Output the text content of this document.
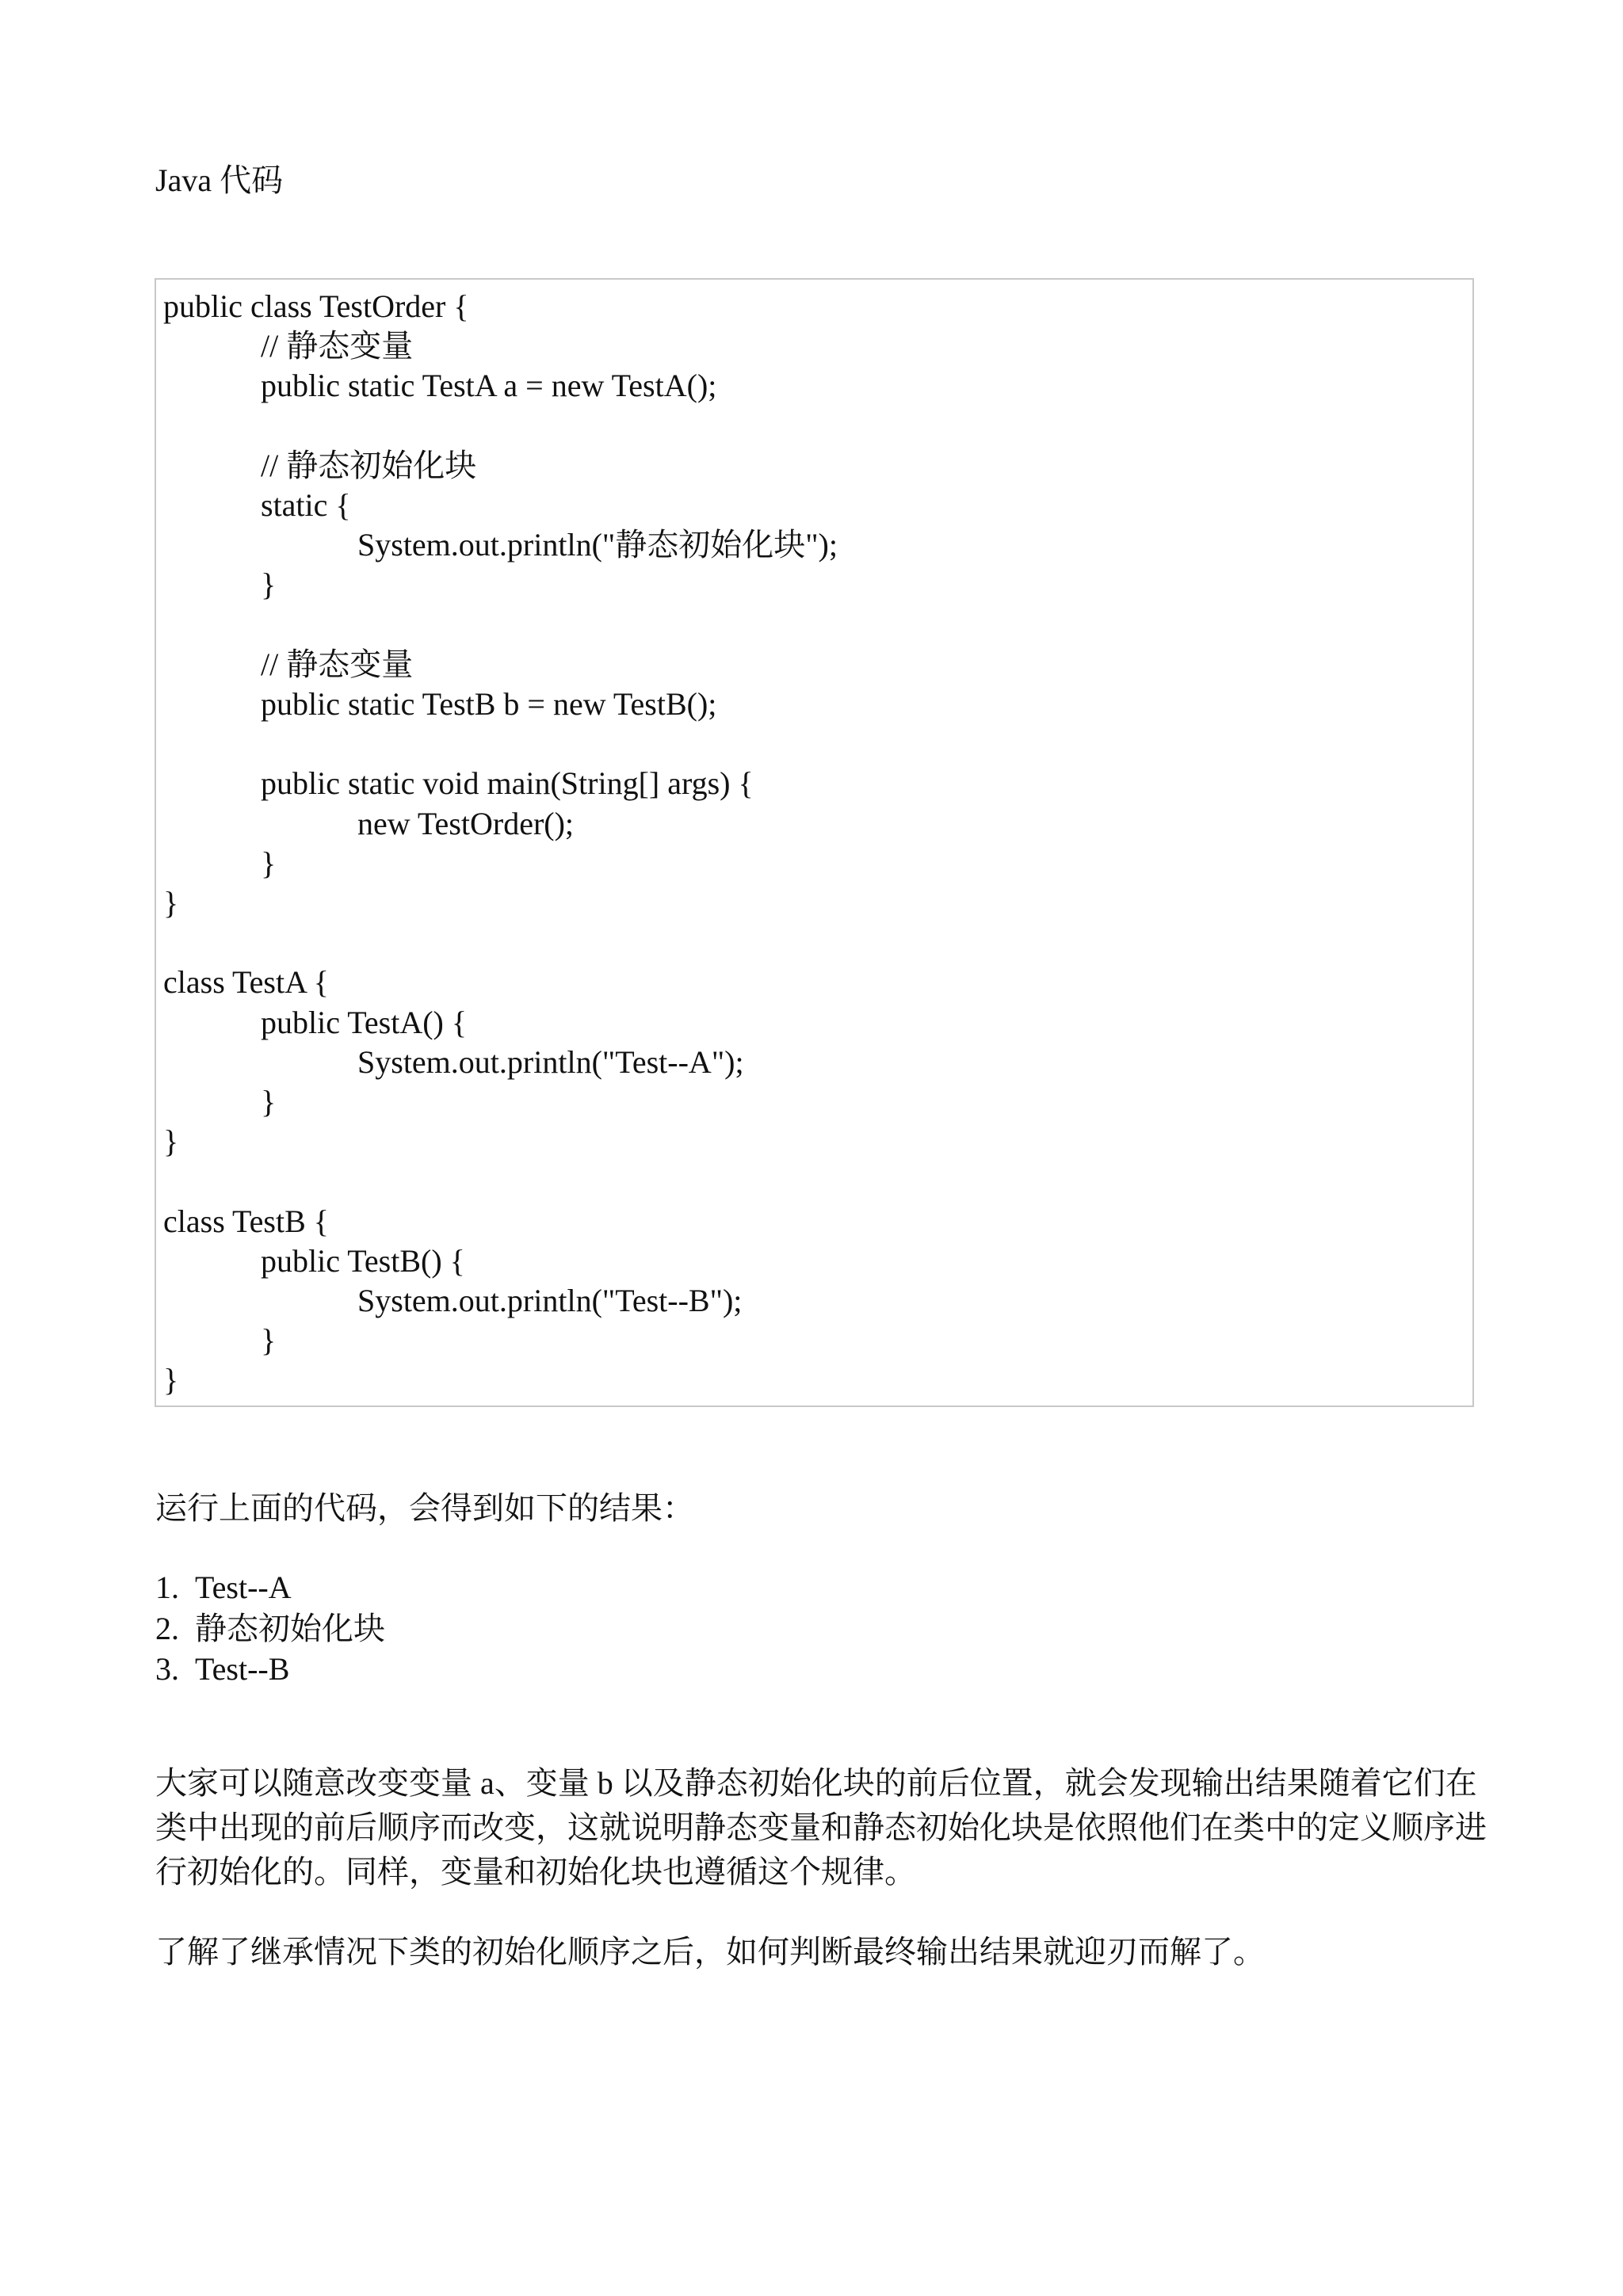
Java 代码
public class TestOrder {
// 静态变量
public static TestA a = new TestA();
// 静态初始化块
static {
System.out.println("静态初始化块");
}
// 静态变量
public static TestB b = new TestB();
public static void main(String[] args) {
new TestOrder();
}
}
class TestA {
public TestA() {
System.out.println("Test--A");
}
}
class TestB {
public TestB() {
System.out.println("Test--B");
}
}
运行上面的代码，会得到如下的结果：
1. Test--A
2. 静态初始化块
3. Test--B

大家可以随意改变变量 a、变量 b 以及静态初始化块的前后位置，就会发现输出结果随着它们在类中出现的前后顺序而改变，这就说明静态变量和静态初始化块是依照他们在类中的定义顺序进行初始化的。同样，变量和初始化块也遵循这个规律。

了解了继承情况下类的初始化顺序之后，如何判断最终输出结果就迎刃而解了。
